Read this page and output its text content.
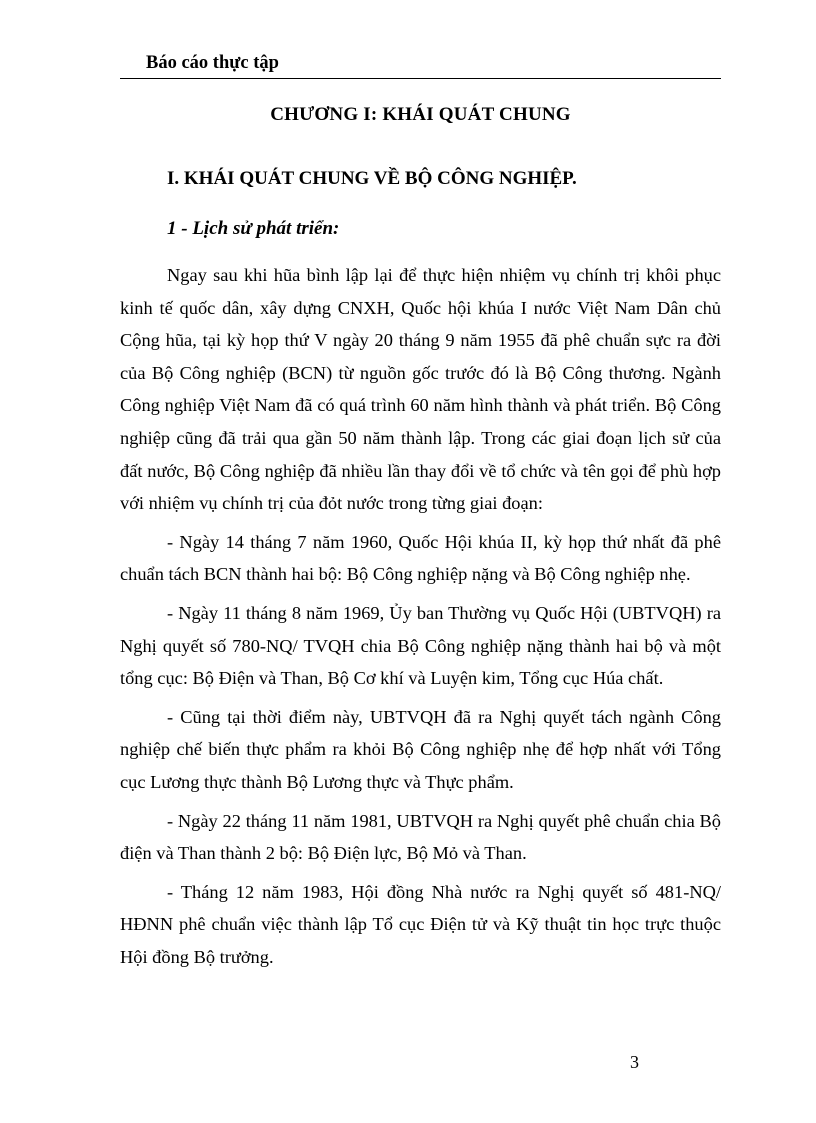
Báo cáo thực tập
CHƯƠNG I: KHÁI QUÁT CHUNG
I. KHÁI QUÁT CHUNG VỀ BỘ CÔNG NGHIỆP.
1 - Lịch sử phát triển:

Ngay sau khi hũa bình lập lại để thực hiện nhiệm vụ chính trị khôi phục kinh tế quốc dân, xây dựng CNXH, Quốc hội khúa I nước Việt Nam Dân chủ Cộng hũa, tại kỳ họp thứ V ngày 20 tháng 9 năm 1955 đã phê chuẩn sực ra đời của Bộ Công nghiệp (BCN) từ nguồn gốc trước đó là Bộ Công thương. Ngành Công nghiệp Việt Nam đã có quá trình 60 năm hình thành và phát triển. Bộ Công nghiệp cũng đã trải qua gần 50 năm thành lập. Trong các giai đoạn lịch sử của đất nước, Bộ Công nghiệp đã nhiều lần thay đổi về tổ chức và tên gọi để phù hợp với nhiệm vụ chính trị của đỏt nước trong từng giai đoạn:

- Ngày 14 tháng 7 năm 1960, Quốc Hội khúa II, kỳ họp thứ nhất đã phê chuẩn tách BCN thành hai bộ: Bộ Công nghiệp nặng và Bộ Công nghiệp nhẹ.

- Ngày 11 tháng 8 năm 1969, Ủy ban Thường vụ Quốc Hội (UBTVQH) ra Nghị quyết số 780-NQ/ TVQH chia Bộ Công nghiệp nặng thành hai bộ và một tổng cục: Bộ Điện và Than, Bộ Cơ khí và Luyện kim, Tổng cục Húa chất.

- Cũng tại thời điểm này, UBTVQH đã ra Nghị quyết tách ngành Công nghiệp chế biến thực phẩm ra khỏi Bộ Công nghiệp nhẹ để hợp nhất với Tổng cục Lương thực thành Bộ Lương thực và Thực phẩm.

- Ngày 22 tháng 11 năm 1981, UBTVQH ra Nghị quyết phê chuẩn chia Bộ điện và Than thành 2 bộ: Bộ Điện lực, Bộ Mỏ và Than.

- Tháng 12 năm 1983, Hội đồng Nhà nước ra Nghị quyết số 481-NQ/ HĐNN phê chuẩn việc thành lập Tổ cục Điện tử và Kỹ thuật tin học trực thuộc Hội đồng Bộ trưởng.

3
